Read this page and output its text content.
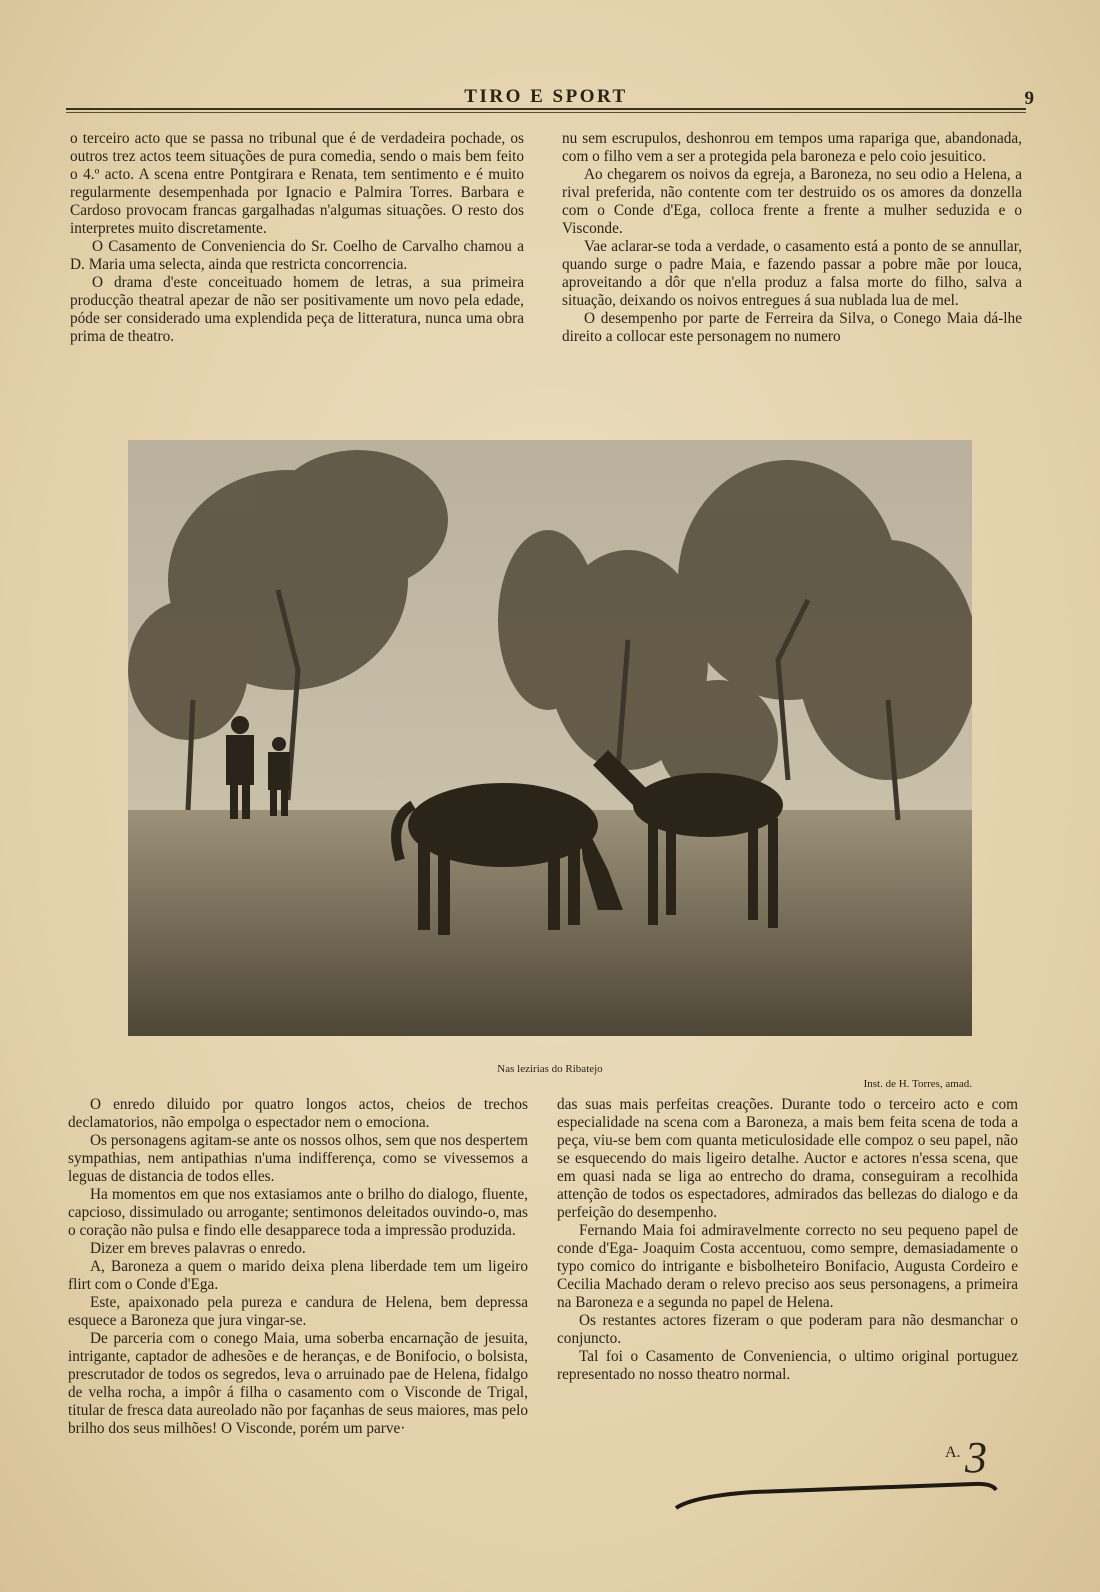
TIRO E SPORT	9

o terceiro acto que se passa no tribunal que é de verdadeira pochade, os outros trez actos teem situações de pura comedia, sendo o mais bem feito o 4.º acto. A scena entre Pontgirara e Renata, tem sentimento e é muito regularmente desempenhada por Ignacio e Palmira Torres. Barbara e Cardoso provocam francas gargalhadas n'algumas situações. O resto dos interpretes muito discretamente.

O Casamento de Conveniencia do Sr. Coelho de Carvalho chamou a D. Maria uma selecta, ainda que restricta concorrencia.

O drama d'este conceituado homem de letras, a sua primeira producção theatral apezar de não ser positivamente um novo pela edade, póde ser considerado uma explendida peça de litteratura, nunca uma obra prima de theatro.

nu sem escrupulos, deshonrou em tempos uma rapariga que, abandonada, com o filho vem a ser a protegida pela baroneza e pelo coio jesuitico.

Ao chegarem os noivos da egreja, a Baroneza, no seu odio a Helena, a rival preferida, não contente com ter destruido os os amores da donzella com o Conde d'Ega, colloca frente a frente a mulher seduzida e o Visconde.

Vae aclarar-se toda a verdade, o casamento está a ponto de se annullar, quando surge o padre Maia, e fazendo passar a pobre mãe por louca, aproveitando a dôr que n'ella produz a falsa morte do filho, salva a situação, deixando os noivos entregues á sua nublada lua de mel.

O desempenho por parte de Ferreira da Silva, o Conego Maia dá-lhe direito a collocar este personagem no numero

Nas lezirias do Ribatejo
Inst. de H. Torres, amad.

O enredo diluido por quatro longos actos, cheios de trechos declamatorios, não empolga o espectador nem o emociona.

Os personagens agitam-se ante os nossos olhos, sem que nos despertem sympathias, nem antipathias n'uma indifferença, como se vivessemos a leguas de distancia de todos elles.

Ha momentos em que nos extasiamos ante o brilho do dialogo, fluente, capcioso, dissimulado ou arrogante; sentimonos deleitados ouvindo-o, mas o coração não pulsa e findo elle desapparece toda a impressão produzida.

Dizer em breves palavras o enredo.

A, Baroneza a quem o marido deixa plena liberdade tem um ligeiro flirt com o Conde d'Ega.

Este, apaixonado pela pureza e candura de Helena, bem depressa esquece a Baroneza que jura vingar-se.

De parceria com o conego Maia, uma soberba encarnação de jesuita, intrigante, captador de adhesões e de heranças, e de Bonifocio, o bolsista, prescrutador de todos os segredos, leva o arruinado pae de Helena, fidalgo de velha rocha, a impôr á filha o casamento com o Visconde de Trigal, titular de fresca data aureolado não por façanhas de seus maiores, mas pelo brilho dos seus milhões! O Visconde, porém um parve·

das suas mais perfeitas creações. Durante todo o terceiro acto e com especialidade na scena com a Baroneza, a mais bem feita scena de toda a peça, viu-se bem com quanta meticulosidade elle compoz o seu papel, não se esquecendo do mais ligeiro detalhe. Auctor e actores n'essa scena, que em quasi nada se liga ao entrecho do drama, conseguiram a recolhida attenção de todos os espectadores, admirados das bellezas do dialogo e da perfeição do desempenho.

Fernando Maia foi admiravelmente correcto no seu pequeno papel de conde d'Ega- Joaquim Costa accentuou, como sempre, demasiadamente o typo comico do intrigante e bisbolheteiro Bonifacio, Augusta Cordeiro e Cecilia Machado deram o relevo preciso aos seus personagens, a primeira na Baroneza e a segunda no papel de Helena.

Os restantes actores fizeram o que poderam para não desmanchar o conjuncto.

Tal foi o Casamento de Conveniencia, o ultimo original portuguez representado no nosso theatro normal.

A. 3
